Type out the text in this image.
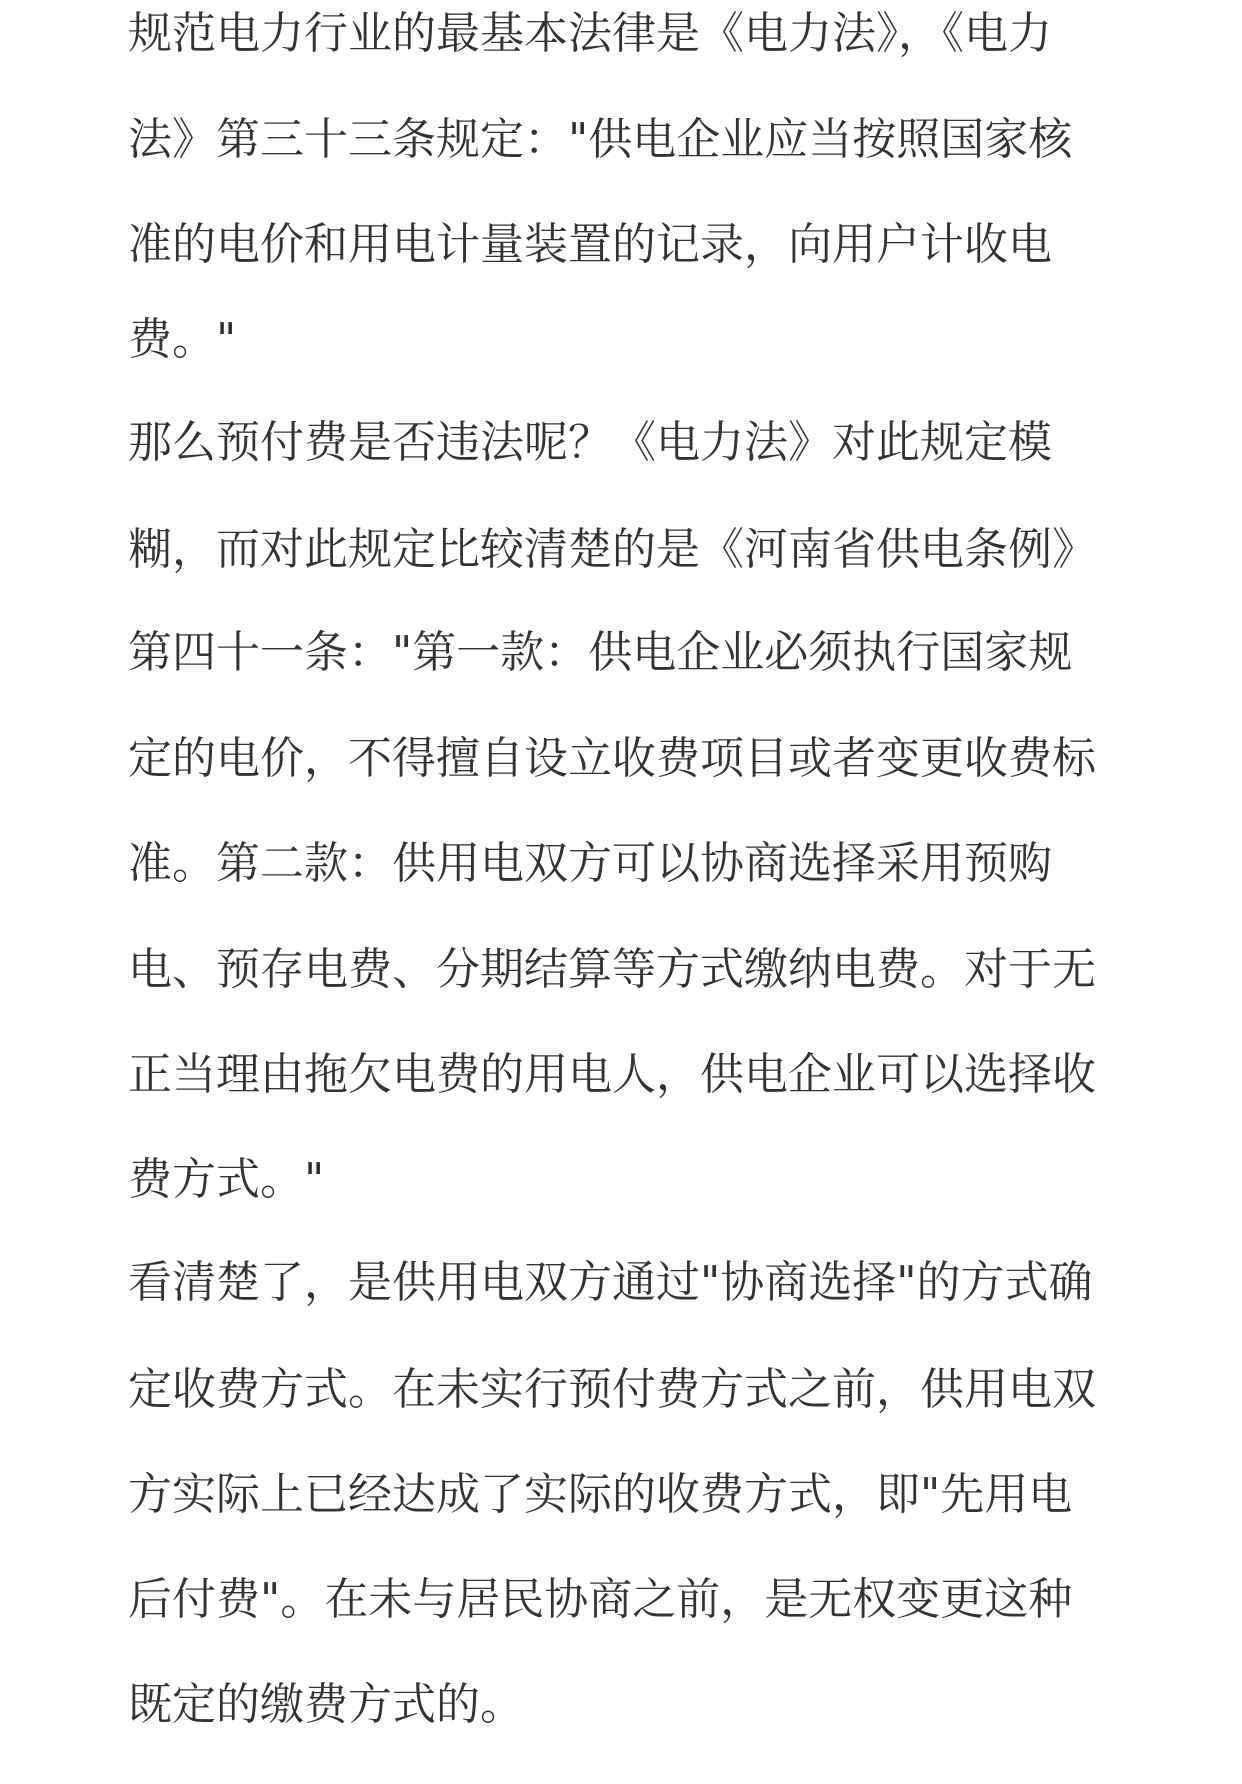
规范电力行业的最基本法律是《电力法》，《电力
法》第三十三条规定："供电企业应当按照国家核
准的电价和用电计量装置的记录，向用户计收电
费。"
那么预付费是否违法呢？《电力法》对此规定模
糊，而对此规定比较清楚的是《河南省供电条例》
第四十一条："第一款：供电企业必须执行国家规
定的电价，不得擅自设立收费项目或者变更收费标
准。第二款：供用电双方可以协商选择采用预购
电、预存电费、分期结算等方式缴纳电费。对于无
正当理由拖欠电费的用电人，供电企业可以选择收
费方式。"
看清楚了，是供用电双方通过"协商选择"的方式确
定收费方式。在未实行预付费方式之前，供用电双
方实际上已经达成了实际的收费方式，即"先用电
后付费"。在未与居民协商之前，是无权变更这种
既定的缴费方式的。
